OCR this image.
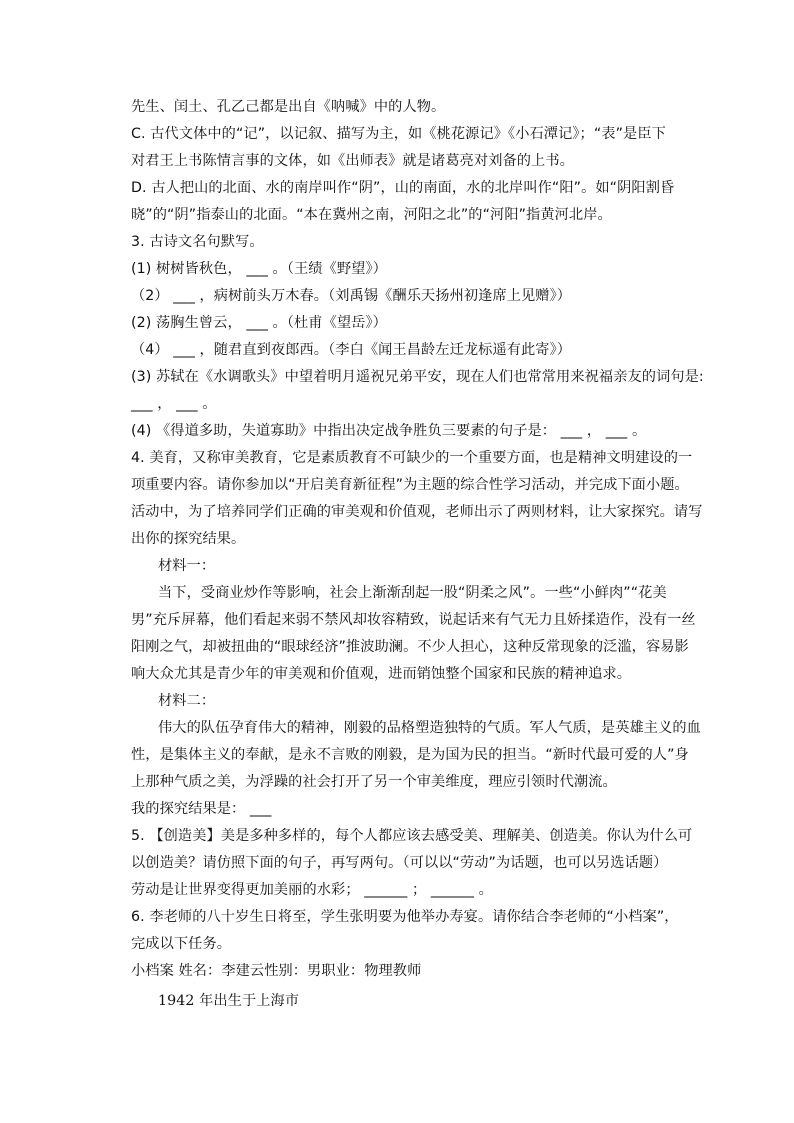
先生、闰土、孔乙己都是出自《呐喊》中的人物。
C. 古代文体中的“记”，以记叙、描写为主，如《桃花源记》《小石潭记》；“表”是臣下
对君王上书陈情言事的文体，如《出师表》就是诸葛亮对刘备的上书。
D. 古人把山的北面、水的南岸叫作“阴”，山的南面，水的北岸叫作“阳”。如“阴阳割昏
晓”的“阴”指泰山的北面。“本在冀州之南，河阳之北”的“河阳”指黄河北岸。
3. 古诗文名句默写。
(1) 树树皆秋色， ___ 。（王绩《野望》）
（2） ___ ，病树前头万木春。（刘禹锡《酬乐天扬州初逢席上见赠》）
(2) 荡胸生曾云， ___ 。（杜甫《望岳》）
（4） ___ ，随君直到夜郎西。（李白《闻王昌龄左迁龙标遥有此寄》）
(3) 苏轼在《水调歌头》中望着明月遥祝兄弟平安，现在人们也常常用来祝福亲友的词句是:
___ ， ___ 。
(4) 《得道多助，失道寡助》中指出决定战争胜负三要素的句子是： ___ ， ___ 。
4. 美育，又称审美教育，它是素质教育不可缺少的一个重要方面，也是精神文明建设的一
项重要内容。请你参加以“开启美育新征程”为主题的综合性学习活动，并完成下面小题。
活动中，为了培养同学们正确的审美观和价值观，老师出示了两则材料，让大家探究。请写
出你的探究结果。
材料一：
当下，受商业炒作等影响，社会上渐渐刮起一股“阴柔之风”。一些“小鲜肉”“花美
男”充斥屏幕，他们看起来弱不禁风却妆容精致，说起话来有气无力且娇揉造作，没有一丝
阳刚之气，却被扭曲的“眼球经济”推波助澜。不少人担心，这种反常现象的泛滥，容易影
响大众尤其是青少年的审美观和价值观，进而销蚀整个国家和民族的精神追求。
材料二：
伟大的队伍孕育伟大的精神，刚毅的品格塑造独特的气质。军人气质，是英雄主义的血
性，是集体主义的奉献，是永不言败的刚毅，是为国为民的担当。“新时代最可爱的人”身
上那种气质之美，为浮躁的社会打开了另一个审美维度，理应引领时代潮流。
我的探究结果是： ___
5. 【创造美】美是多种多样的，每个人都应该去感受美、理解美、创造美。你认为什么可
以创造美？请仿照下面的句子，再写两句。（可以以“劳动”为话题，也可以另选话题）
劳动是让世界变得更加美丽的水彩； ______ ； ______ 。
6. 李老师的八十岁生日将至，学生张明要为他举办寿宴。请你结合李老师的“小档案”，
完成以下任务。
小档案 姓名：李建云性别：男职业：物理教师
1942 年出生于上海市
